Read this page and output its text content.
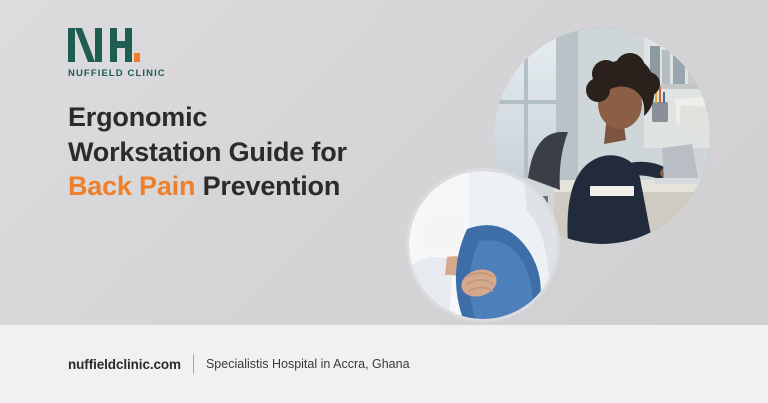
NUFFIELD CLINIC
Ergonomic
Workstation Guide for
Back Pain Prevention
nuffieldclinic.com Specialistis Hospital in Accra, Ghana
